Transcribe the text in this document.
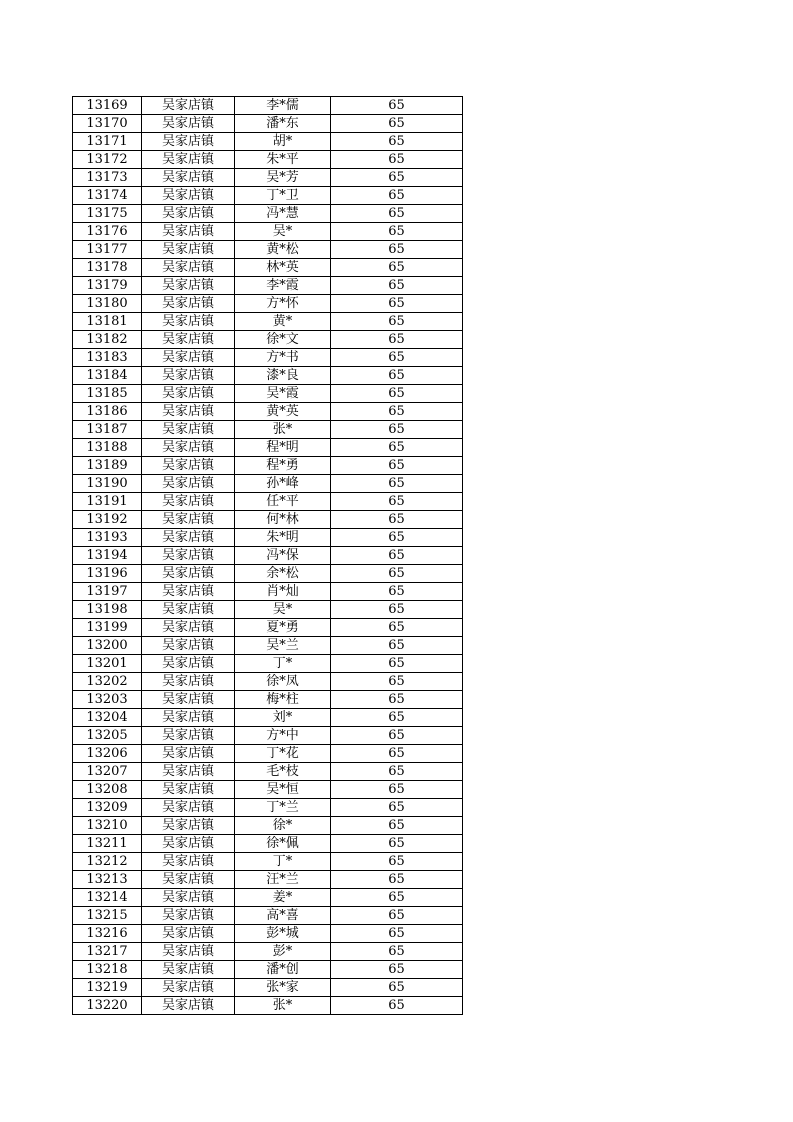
13169	吴家店镇	李*儒	65
13170	吴家店镇	潘*东	65
13171	吴家店镇	胡*	65
13172	吴家店镇	朱*平	65
13173	吴家店镇	吴*芳	65
13174	吴家店镇	丁*卫	65
13175	吴家店镇	冯*慧	65
13176	吴家店镇	吴*	65
13177	吴家店镇	黄*松	65
13178	吴家店镇	林*英	65
13179	吴家店镇	李*霞	65
13180	吴家店镇	方*怀	65
13181	吴家店镇	黄*	65
13182	吴家店镇	徐*文	65
13183	吴家店镇	方*书	65
13184	吴家店镇	漆*良	65
13185	吴家店镇	吴*霞	65
13186	吴家店镇	黄*英	65
13187	吴家店镇	张*	65
13188	吴家店镇	程*明	65
13189	吴家店镇	程*勇	65
13190	吴家店镇	孙*峰	65
13191	吴家店镇	任*平	65
13192	吴家店镇	何*林	65
13193	吴家店镇	朱*明	65
13194	吴家店镇	冯*保	65
13196	吴家店镇	余*松	65
13197	吴家店镇	肖*灿	65
13198	吴家店镇	吴*	65
13199	吴家店镇	夏*勇	65
13200	吴家店镇	吴*兰	65
13201	吴家店镇	丁*	65
13202	吴家店镇	徐*凤	65
13203	吴家店镇	梅*柱	65
13204	吴家店镇	刘*	65
13205	吴家店镇	方*中	65
13206	吴家店镇	丁*花	65
13207	吴家店镇	毛*枝	65
13208	吴家店镇	吴*恒	65
13209	吴家店镇	丁*兰	65
13210	吴家店镇	徐*	65
13211	吴家店镇	徐*佩	65
13212	吴家店镇	丁*	65
13213	吴家店镇	汪*兰	65
13214	吴家店镇	姜*	65
13215	吴家店镇	高*喜	65
13216	吴家店镇	彭*城	65
13217	吴家店镇	彭*	65
13218	吴家店镇	潘*创	65
13219	吴家店镇	张*家	65
13220	吴家店镇	张*	65
